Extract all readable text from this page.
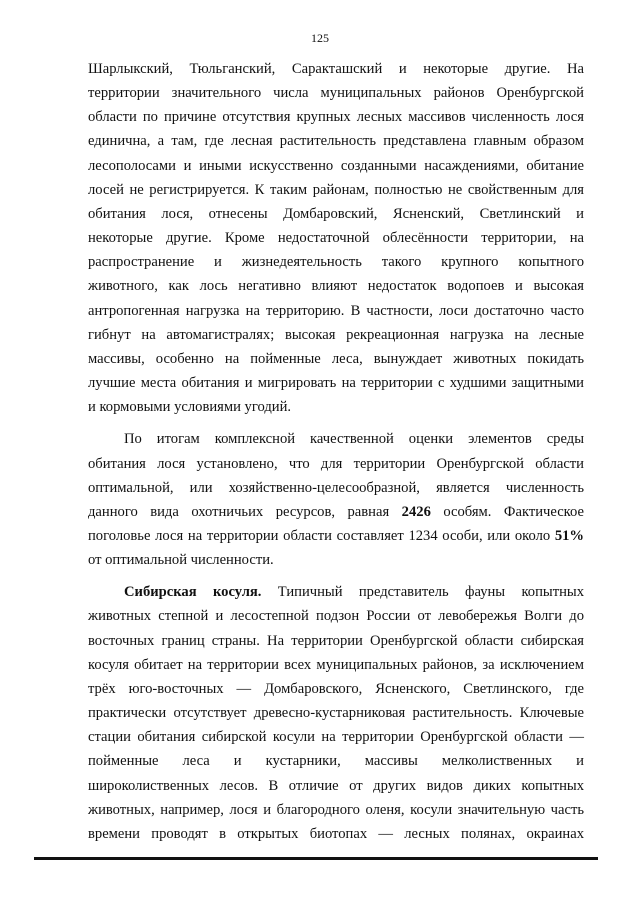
125

Шарлыкский, Тюльганский, Саракташский и некоторые другие. На

территории значительного числа муниципальных районов Оренбургской

области по причине отсутствия крупных лесных массивов численность лося

единична, а там, где лесная растительность представлена главным образом

лесополосами и иными искусственно созданными насаждениями, обитание

лосей не регистрируется. К таким районам, полностью не свойственным для

обитания лося, отнесены Домбаровский, Ясненский, Светлинский и

некоторые другие. Кроме недостаточной облесённости территории, на

распространение и жизнедеятельность такого крупного копытного

животного, как лось негативно влияют недостаток водопоев и высокая

антропогенная нагрузка на территорию. В частности, лоси достаточно часто

гибнут на автомагистралях; высокая рекреационная нагрузка на лесные

массивы, особенно на пойменные леса, вынуждает животных покидать

лучшие места обитания и мигрировать на территории с худшими защитными

и кормовыми условиями угодий.

По итогам комплексной качественной оценки элементов среды

обитания лося установлено, что для территории Оренбургской области

оптимальной, или хозяйственно-целесообразной, является численность

данного вида охотничьих ресурсов, равная 2426 особям. Фактическое

поголовье лося на территории области составляет 1234 особи, или около 51%

от оптимальной численности.

Сибирская косуля. Типичный представитель фауны копытных

животных степной и лесостепной подзон России от левобережья Волги до

восточных границ страны. На территории Оренбургской области сибирская

косуля обитает на территории всех муниципальных районов, за исключением

трёх юго-восточных — Домбаровского, Ясненского, Светлинского, где

практически отсутствует древесно-кустарниковая растительность. Ключевые

стации обитания сибирской косули на территории Оренбургской области —

пойменные леса и кустарники, массивы мелколиственных и

широколиственных лесов. В отличие от других видов диких копытных

животных, например, лося и благородного оленя, косули значительную часть

времени проводят в открытых биотопах — лесных полянах, окраинах
